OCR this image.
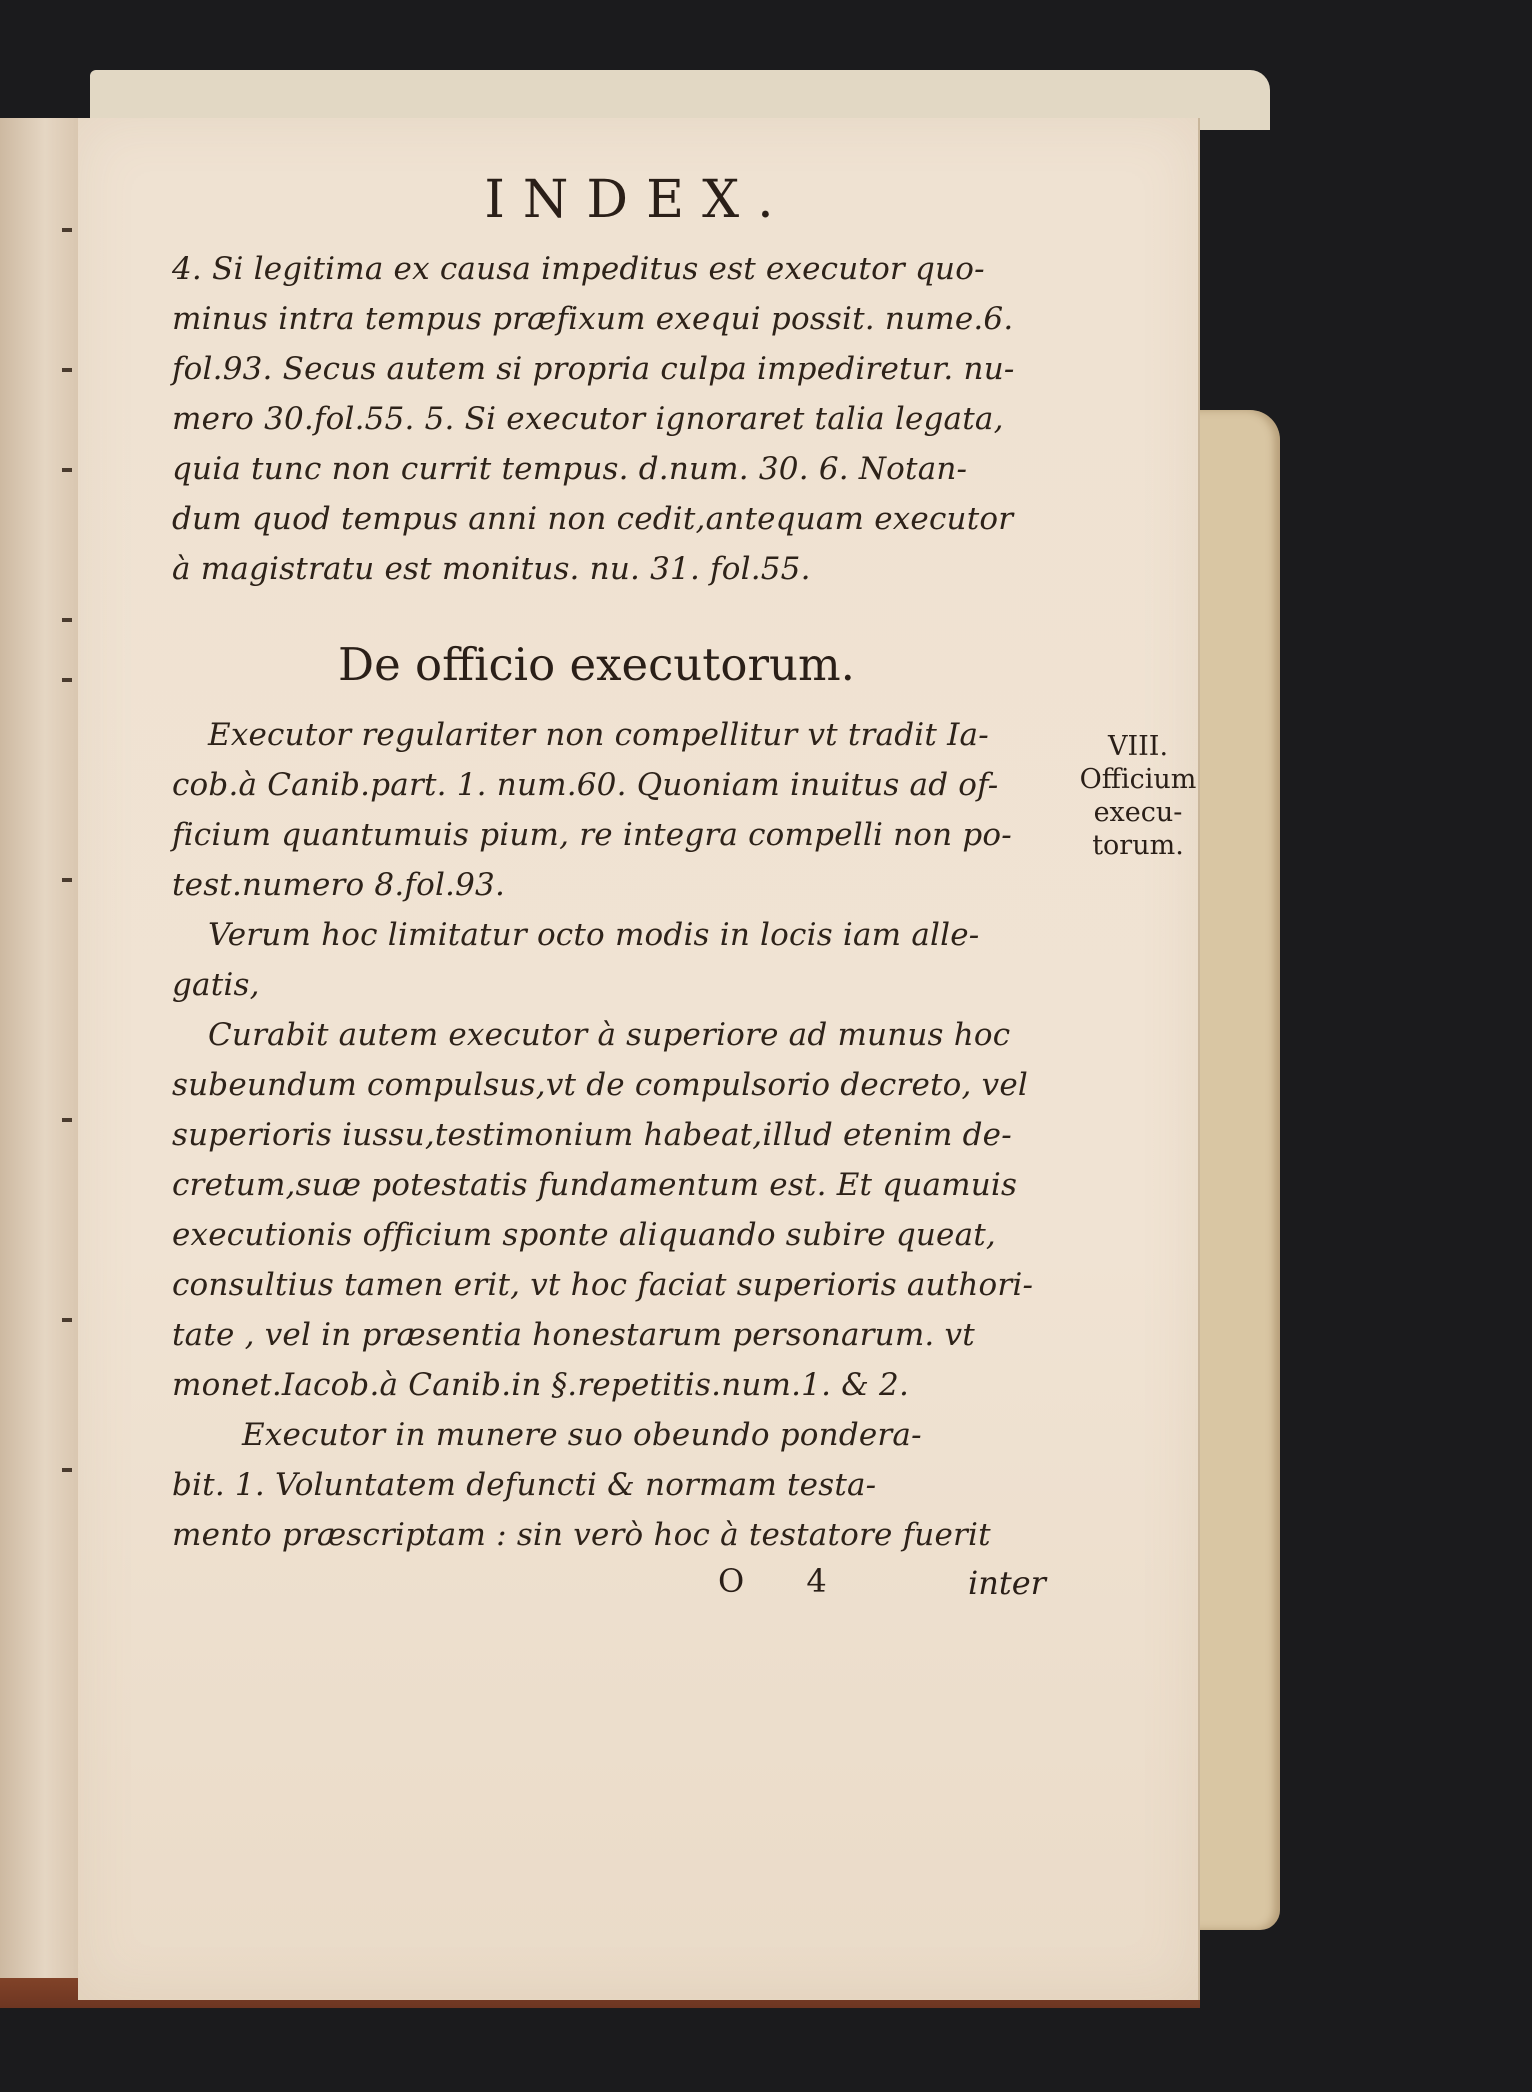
INDEX.
4. Si legitima ex causa impeditus est executor quo-
minus intra tempus præfixum exequi possit. nume.6.
fol.93. Secus autem si propria culpa impediretur. nu-
mero 30.fol.55. 5. Si executor ignoraret talia legata,
quia tunc non currit tempus. d.num. 30. 6. Notan-
dum quod tempus anni non cedit,antequam executor
à magistratu est monitus. nu. 31. fol.55.
De officio executorum.
Executor regulariter non compellitur vt tradit Ia-
cob.à Canib.part. 1. num.60. Quoniam inuitus ad of-
ficium quantumuis pium, re integra compelli non po-
test.numero 8.fol.93.
Verum hoc limitatur octo modis in locis iam alle-
gatis,
Curabit autem executor à superiore ad munus hoc
subeundum compulsus,vt de compulsorio decreto, vel
superioris iussu,testimonium habeat,illud etenim de-
cretum,suæ potestatis fundamentum est. Et quamuis
executionis officium sponte aliquando subire queat,
consultius tamen erit, vt hoc faciat superioris authori-
tate , vel in præsentia honestarum personarum. vt
monet.Iacob.à Canib.in §.repetitis.num.1. & 2.
Executor in munere suo obeundo pondera-
bit. 1. Voluntatem defuncti & normam testa-
mento præscriptam : sin verò hoc à testatore fuerit
VIII.
Officium
execu-
torum.
O 4	inter
